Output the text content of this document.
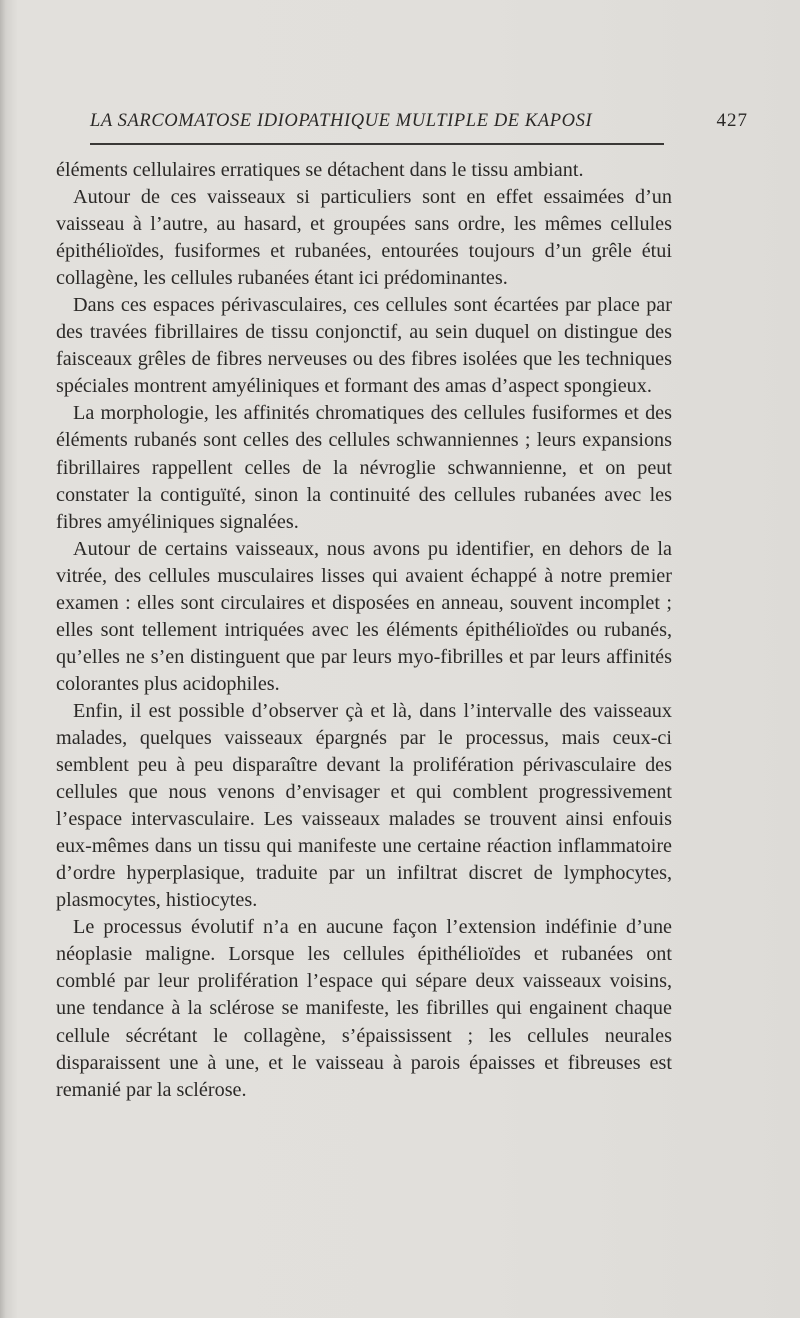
LA SARCOMATOSE IDIOPATHIQUE MULTIPLE DE KAPOSI	427

éléments cellulaires erratiques se détachent dans le tissu ambiant.

Autour de ces vaisseaux si particuliers sont en effet essaimées d’un vaisseau à l’autre, au hasard, et groupées sans ordre, les mêmes cellules épithélioïdes, fusiformes et rubanées, entourées toujours d’un grêle étui collagène, les cellules rubanées étant ici prédominantes.

Dans ces espaces périvasculaires, ces cellules sont écartées par place par des travées fibrillaires de tissu conjonctif, au sein duquel on distingue des faisceaux grêles de fibres nerveuses ou des fibres isolées que les techniques spéciales montrent amyéliniques et formant des amas d’aspect spongieux.

La morphologie, les affinités chromatiques des cellules fusiformes et des éléments rubanés sont celles des cellules schwanniennes ; leurs expansions fibrillaires rappellent celles de la névroglie schwannienne, et on peut constater la contiguïté, sinon la continuité des cellules rubanées avec les fibres amyéliniques signalées.

Autour de certains vaisseaux, nous avons pu identifier, en dehors de la vitrée, des cellules musculaires lisses qui avaient échappé à notre premier examen : elles sont circulaires et disposées en anneau, souvent incomplet ; elles sont tellement intriquées avec les éléments épithélioïdes ou rubanés, qu’elles ne s’en distinguent que par leurs myo-fibrilles et par leurs affinités colorantes plus acidophiles.

Enfin, il est possible d’observer çà et là, dans l’intervalle des vaisseaux malades, quelques vaisseaux épargnés par le processus, mais ceux-ci semblent peu à peu disparaître devant la prolifération périvasculaire des cellules que nous venons d’envisager et qui comblent progressivement l’espace intervasculaire. Les vaisseaux malades se trouvent ainsi enfouis eux-mêmes dans un tissu qui manifeste une certaine réaction inflammatoire d’ordre hyperplasique, traduite par un infiltrat discret de lymphocytes, plasmocytes, histiocytes.

Le processus évolutif n’a en aucune façon l’extension indéfinie d’une néoplasie maligne. Lorsque les cellules épithélioïdes et rubanées ont comblé par leur prolifération l’espace qui sépare deux vaisseaux voisins, une tendance à la sclérose se manifeste, les fibrilles qui engainent chaque cellule sécrétant le collagène, s’épaississent ; les cellules neurales disparaissent une à une, et le vaisseau à parois épaisses et fibreuses est remanié par la sclérose.
